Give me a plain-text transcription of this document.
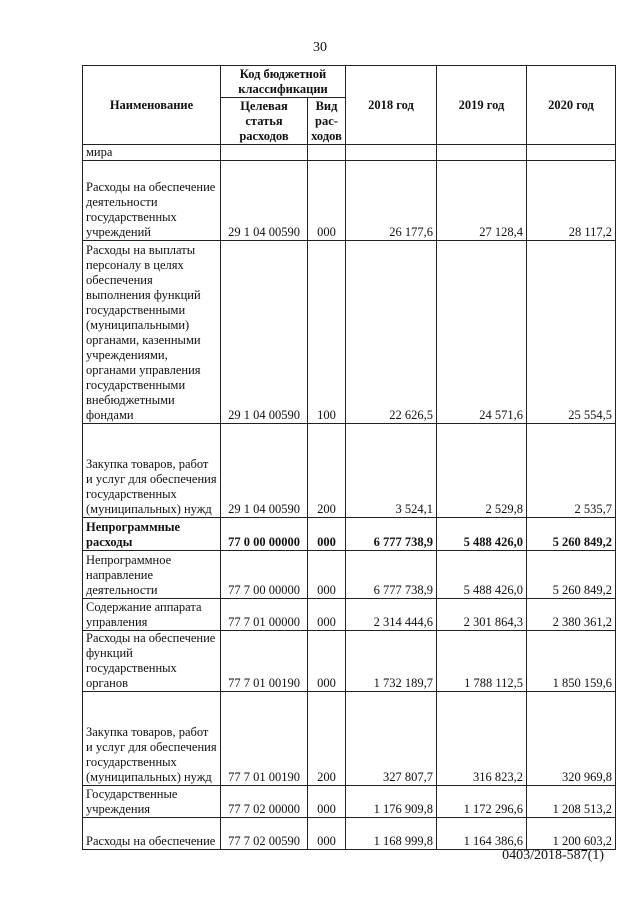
30
Наименование	Код бюджетной классификации		2018 год	2019 год	2020 год
	Целевая статья расходов	Вид рас-ходов			
мира					
Расходы на обеспечение деятельности государственных учреждений	29 1 04 00590	000	26 177,6	27 128,4	28 117,2
Расходы на выплаты персоналу в целях обеспечения выполнения функций государственными (муниципальными) органами, казенными учреждениями, органами управления государственными внебюджетными фондами	29 1 04 00590	100	22 626,5	24 571,6	25 554,5
Закупка товаров, работ и услуг для обеспечения государственных (муниципальных) нужд	29 1 04 00590	200	3 524,1	2 529,8	2 535,7
Непрограммные расходы	77 0 00 00000	000	6 777 738,9	5 488 426,0	5 260 849,2
Непрограммное направление деятельности	77 7 00 00000	000	6 777 738,9	5 488 426,0	5 260 849,2
Содержание аппарата управления	77 7 01 00000	000	2 314 444,6	2 301 864,3	2 380 361,2
Расходы на обеспечение функций государственных органов	77 7 01 00190	000	1 732 189,7	1 788 112,5	1 850 159,6
Закупка товаров, работ и услуг для обеспечения государственных (муниципальных) нужд	77 7 01 00190	200	327 807,7	316 823,2	320 969,8
Государственные учреждения	77 7 02 00000	000	1 176 909,8	1 172 296,6	1 208 513,2
Расходы на обеспечение	77 7 02 00590	000	1 168 999,8	1 164 386,6	1 200 603,2
0403/2018-587(1)
